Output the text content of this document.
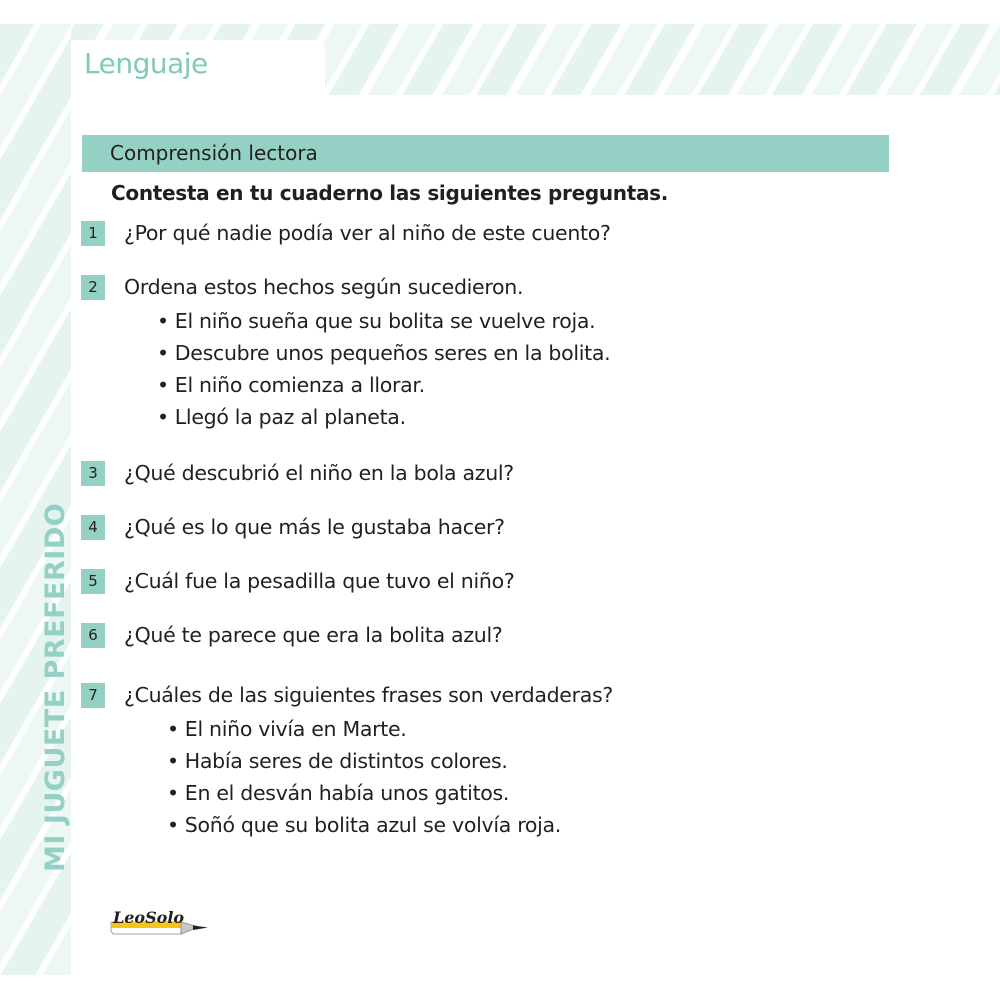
Lenguaje
MI JUGUETE PREFERIDO
Comprensión lectora
Contesta en tu cuaderno las siguientes preguntas.
1	¿Por qué nadie podía ver al niño de este cuento?
2	Ordena estos hechos según sucedieron.
• El niño sueña que su bolita se vuelve roja.
• Descubre unos pequeños seres en la bolita.
• El niño comienza a llorar.
• Llegó la paz al planeta.
3	¿Qué descubrió el niño en la bola azul?
4	¿Qué es lo que más le gustaba hacer?
5	¿Cuál fue la pesadilla que tuvo el niño?
6	¿Qué te parece que era la bolita azul?
7	¿Cuáles de las siguientes frases son verdaderas?
• El niño vivía en Marte.
• Había seres de distintos colores.
• En el desván había unos gatitos.
• Soñó que su bolita azul se volvía roja.
LeoSolo
